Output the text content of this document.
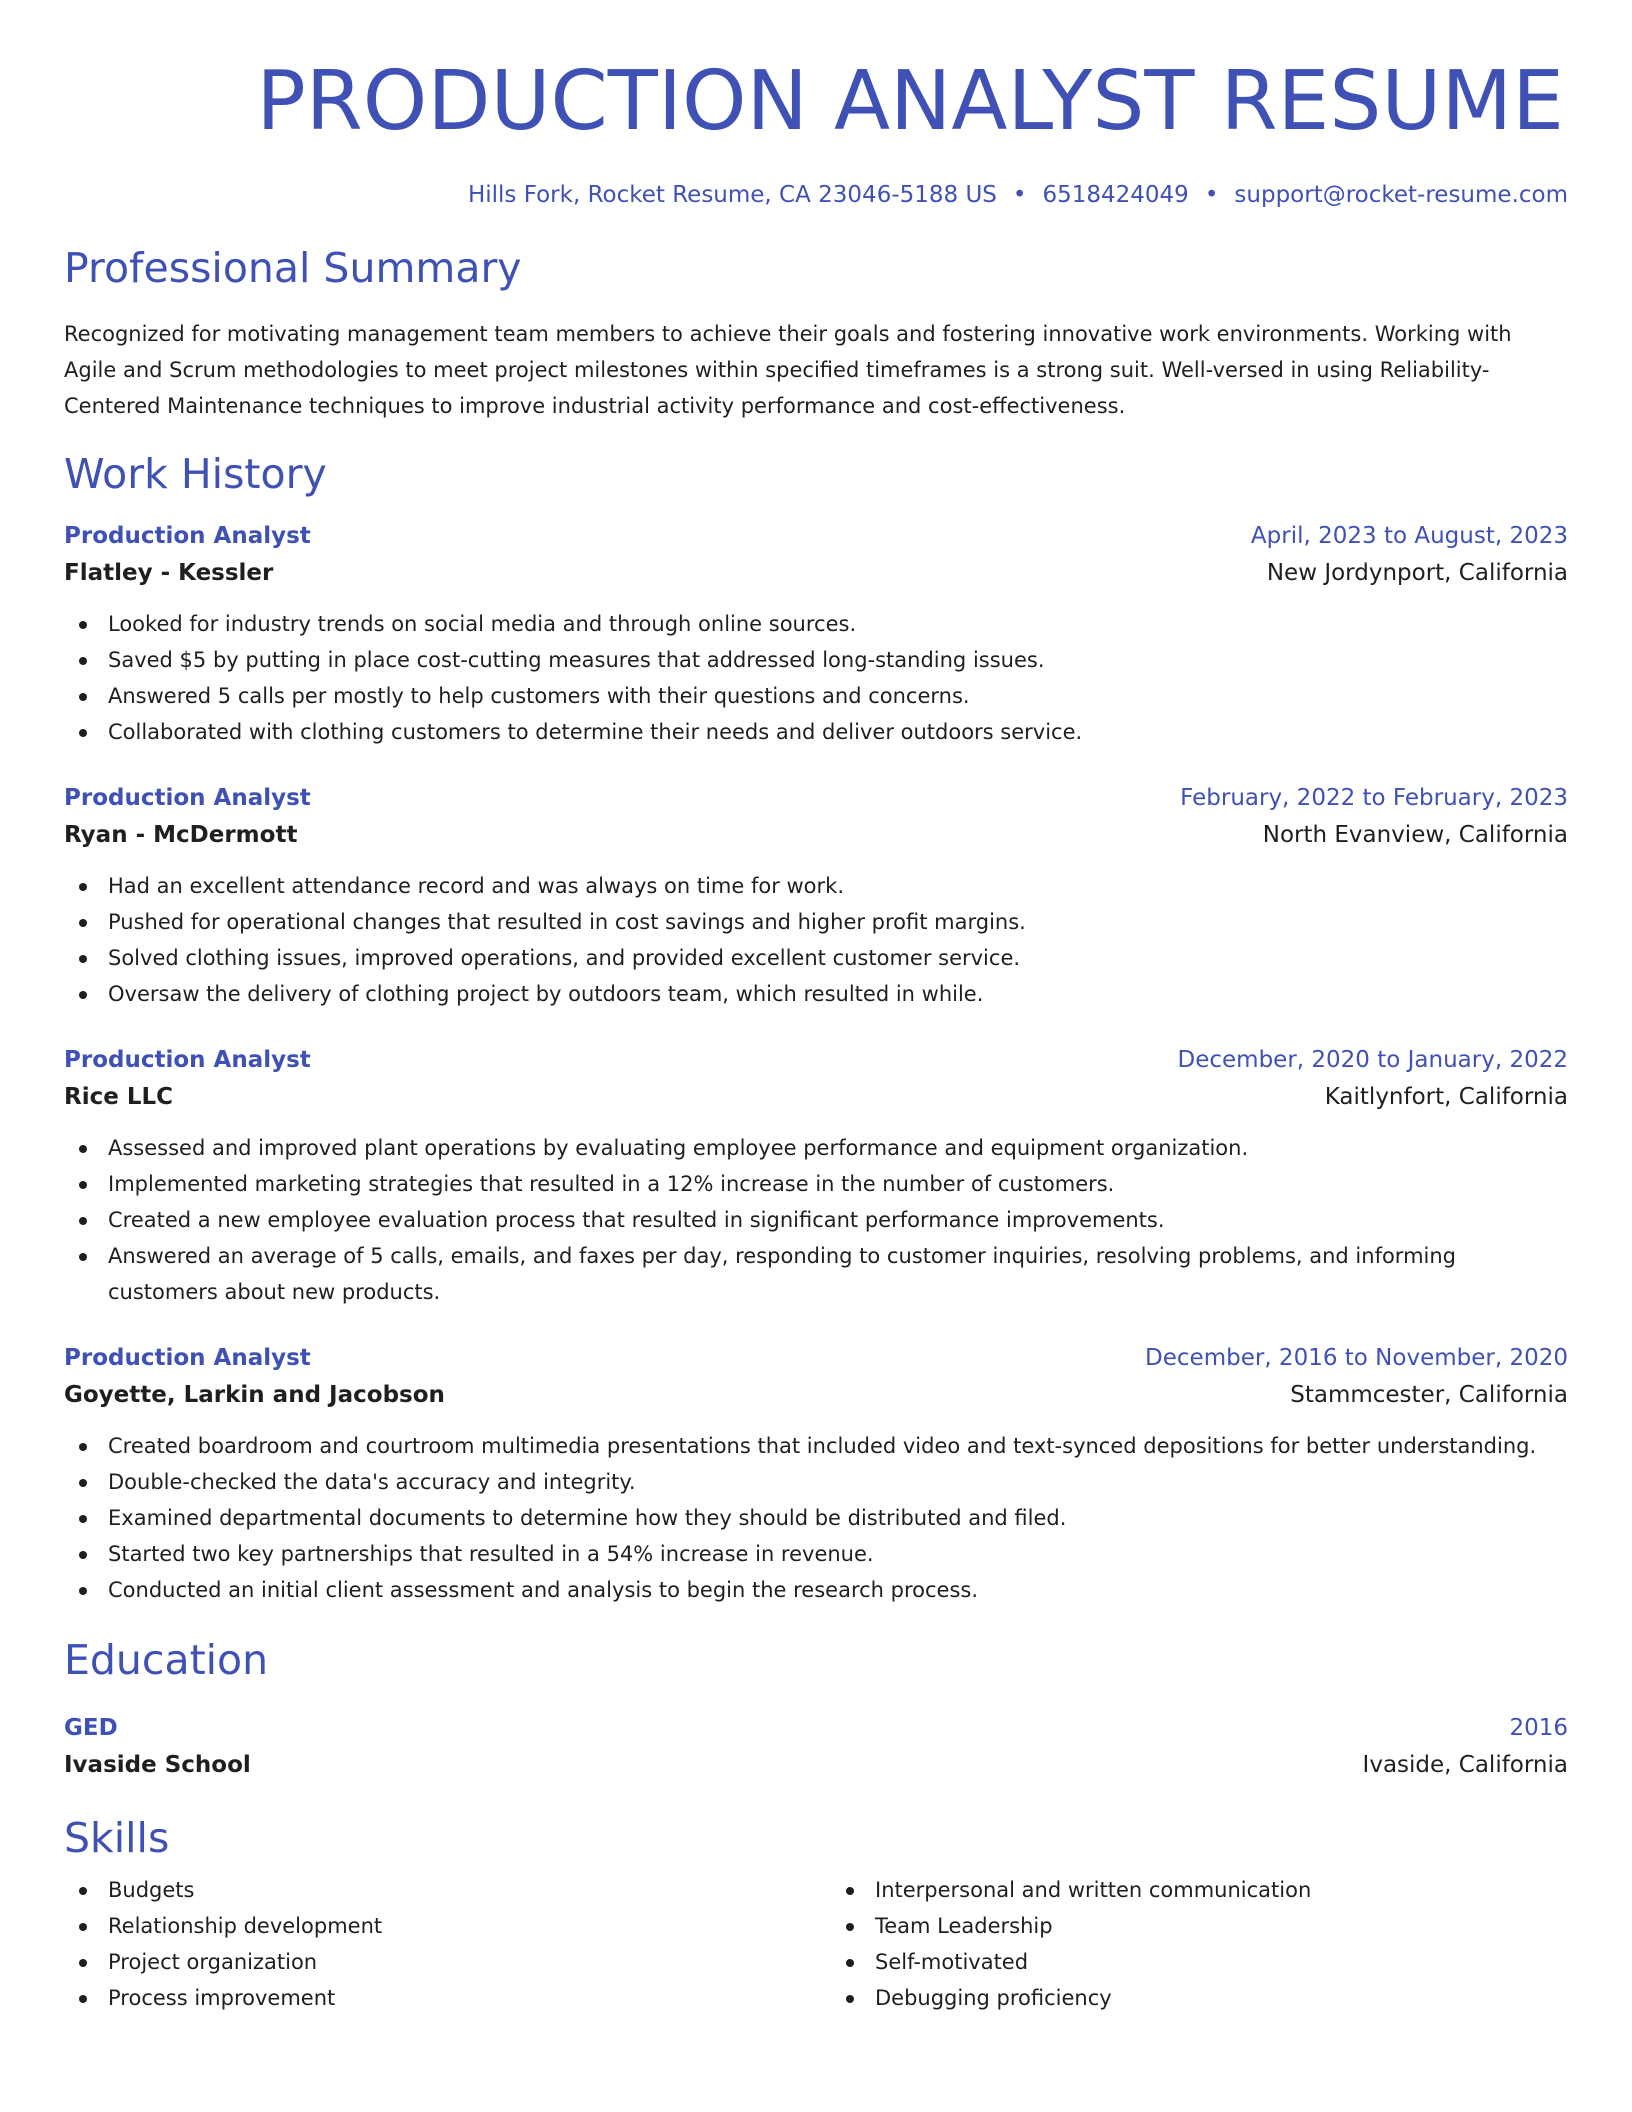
PRODUCTION ANALYST RESUME
Hills Fork, Rocket Resume, CA 23046-5188 US • 6518424049 • support@rocket-resume.com
Professional Summary

Recognized for motivating management team members to achieve their goals and fostering innovative work environments. Working with Agile and Scrum methodologies to meet project milestones within specified timeframes is a strong suit. Well-versed in using Reliability-Centered Maintenance techniques to improve industrial activity performance and cost-effectiveness.

Work History
Production Analyst	April, 2023 to August, 2023
Flatley - Kessler	New Jordynport, California
Looked for industry trends on social media and through online sources.
Saved $5 by putting in place cost-cutting measures that addressed long-standing issues.
Answered 5 calls per mostly to help customers with their questions and concerns.
Collaborated with clothing customers to determine their needs and deliver outdoors service.
Production Analyst	February, 2022 to February, 2023
Ryan - McDermott	North Evanview, California
Had an excellent attendance record and was always on time for work.
Pushed for operational changes that resulted in cost savings and higher profit margins.
Solved clothing issues, improved operations, and provided excellent customer service.
Oversaw the delivery of clothing project by outdoors team, which resulted in while.
Production Analyst	December, 2020 to January, 2022
Rice LLC	Kaitlynfort, California
Assessed and improved plant operations by evaluating employee performance and equipment organization.
Implemented marketing strategies that resulted in a 12% increase in the number of customers.
Created a new employee evaluation process that resulted in significant performance improvements.
Answered an average of 5 calls, emails, and faxes per day, responding to customer inquiries, resolving problems, and informing customers about new products.
Production Analyst	December, 2016 to November, 2020
Goyette, Larkin and Jacobson	Stammcester, California
Created boardroom and courtroom multimedia presentations that included video and text-synced depositions for better understanding.
Double-checked the data's accuracy and integrity.
Examined departmental documents to determine how they should be distributed and filed.
Started two key partnerships that resulted in a 54% increase in revenue.
Conducted an initial client assessment and analysis to begin the research process.
Education
GED	2016
Ivaside School	Ivaside, California
Skills
Budgets
Relationship development
Project organization
Process improvement
Interpersonal and written communication
Team Leadership
Self-motivated
Debugging proficiency
